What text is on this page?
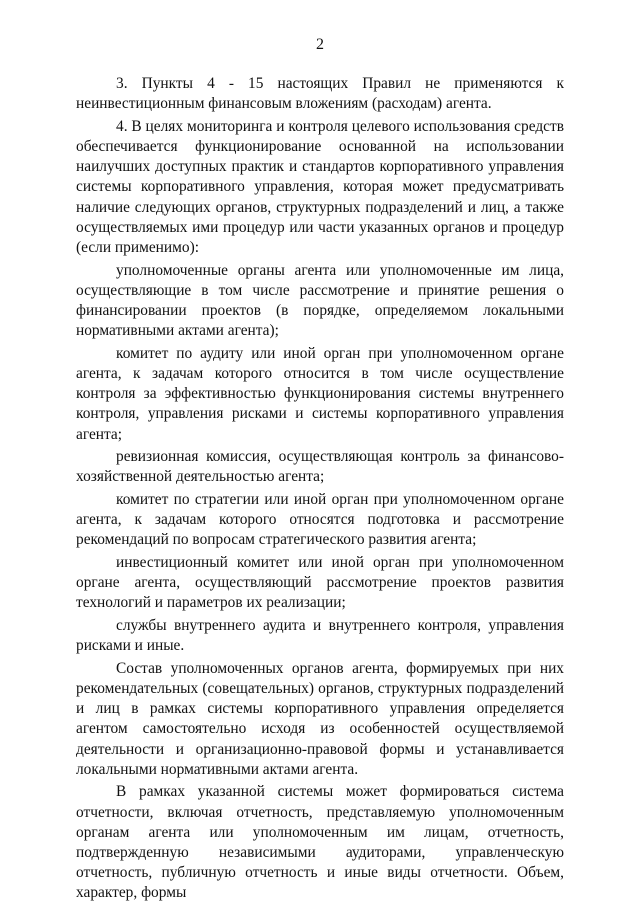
2

3. Пункты 4 - 15 настоящих Правил не применяются к неинвестиционным финансовым вложениям (расходам) агента.

4. В целях мониторинга и контроля целевого использования средств обеспечивается функционирование основанной на использовании наилучших доступных практик и стандартов корпоративного управления системы корпоративного управления, которая может предусматривать наличие следующих органов, структурных подразделений и лиц, а также осуществляемых ими процедур или части указанных органов и процедур (если применимо):

уполномоченные органы агента или уполномоченные им лица, осуществляющие в том числе рассмотрение и принятие решения о финансировании проектов (в порядке, определяемом локальными нормативными актами агента);

комитет по аудиту или иной орган при уполномоченном органе агента, к задачам которого относится в том числе осуществление контроля за эффективностью функционирования системы внутреннего контроля, управления рисками и системы корпоративного управления агента;

ревизионная комиссия, осуществляющая контроль за финансово-хозяйственной деятельностью агента;

комитет по стратегии или иной орган при уполномоченном органе агента, к задачам которого относятся подготовка и рассмотрение рекомендаций по вопросам стратегического развития агента;

инвестиционный комитет или иной орган при уполномоченном органе агента, осуществляющий рассмотрение проектов развития технологий и параметров их реализации;

службы внутреннего аудита и внутреннего контроля, управления рисками и иные.

Состав уполномоченных органов агента, формируемых при них рекомендательных (совещательных) органов, структурных подразделений и лиц в рамках системы корпоративного управления определяется агентом самостоятельно исходя из особенностей осуществляемой деятельности и организационно-правовой формы и устанавливается локальными нормативными актами агента.

В рамках указанной системы может формироваться система отчетности, включая отчетность, представляемую уполномоченным органам агента или уполномоченным им лицам, отчетность, подтвержденную независимыми аудиторами, управленческую отчетность, публичную отчетность и иные виды отчетности. Объем, характер, формы
